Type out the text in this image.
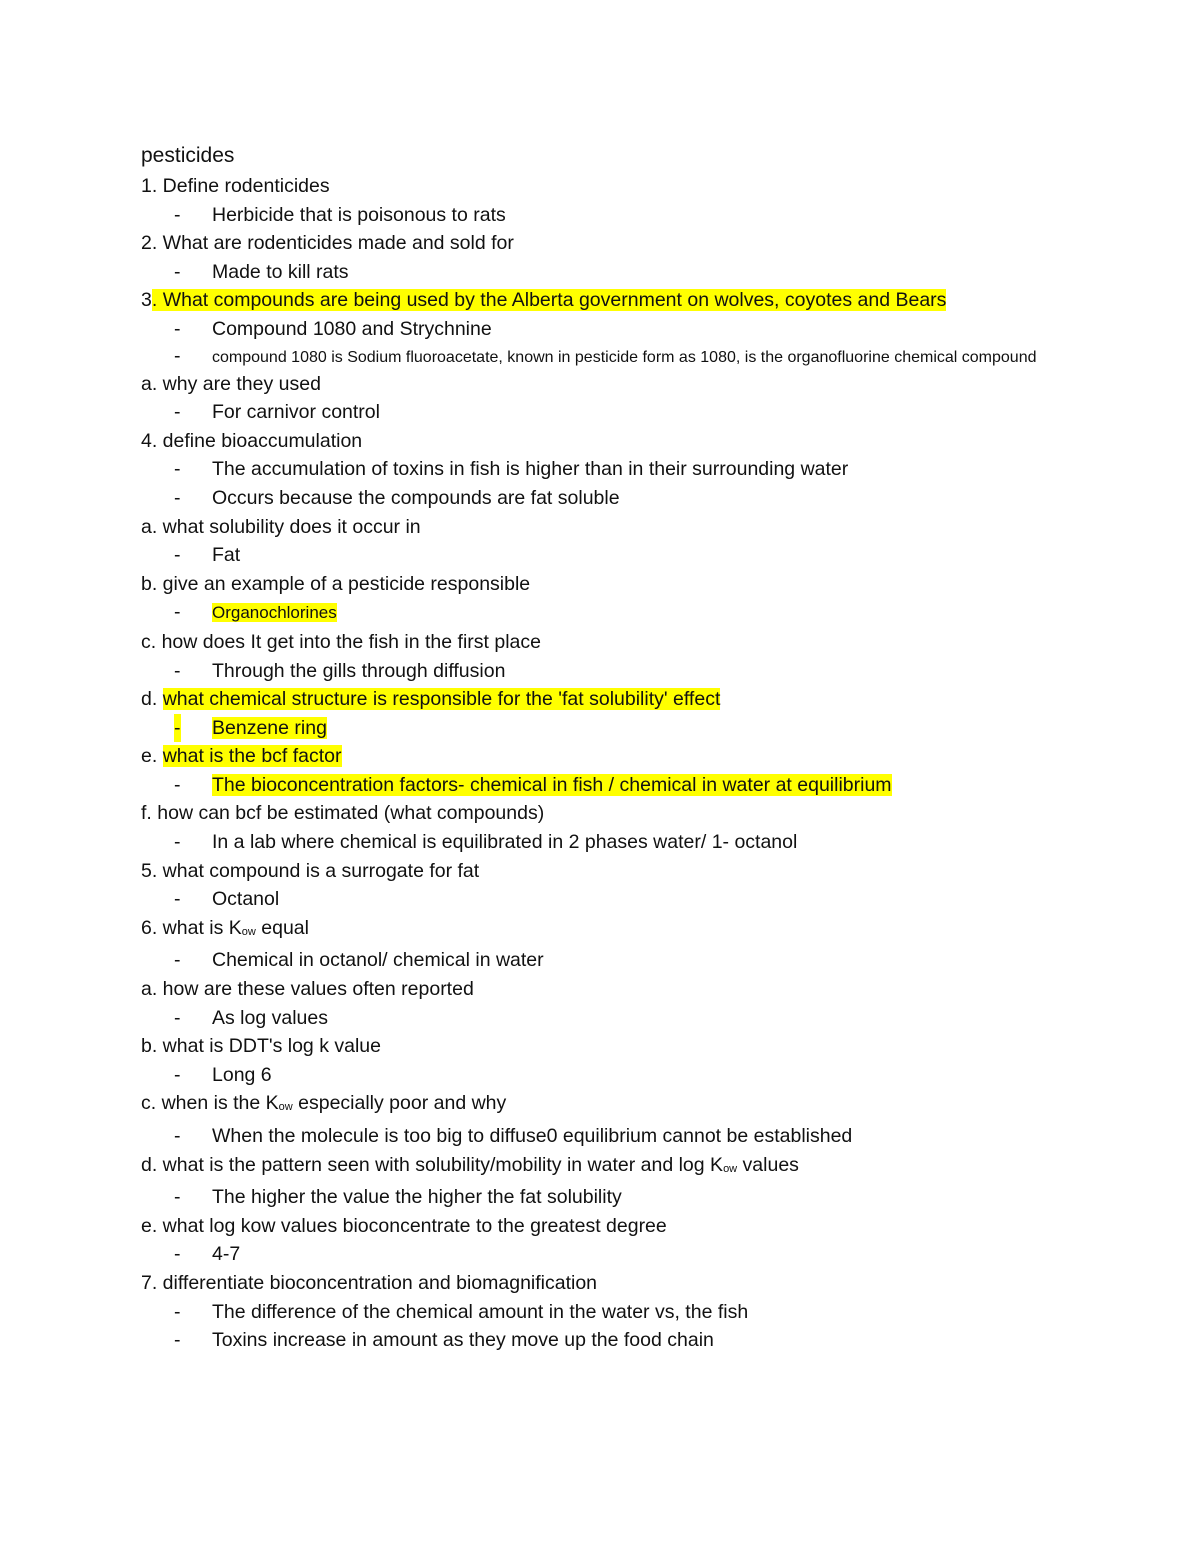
pesticides
1. Define rodenticides
- Herbicide that is poisonous to rats
2. What are rodenticides made and sold for
- Made to kill rats
3. What compounds are being used by the Alberta government on wolves, coyotes and Bears
- Compound 1080 and Strychnine
- compound 1080 is Sodium fluoroacetate, known in pesticide form as 1080, is the organofluorine chemical compound
a. why are they used
- For carnivor control
4. define bioaccumulation
- The accumulation of toxins in fish is higher than in their surrounding water
- Occurs because the compounds are fat soluble
a. what solubility does it occur in
- Fat
b. give an example of a pesticide responsible
- Organochlorines
c. how does It get into the fish in the first place
- Through the gills through diffusion
d. what chemical structure is responsible for the 'fat solubility' effect
- Benzene ring
e. what is the bcf factor
- The bioconcentration factors- chemical in fish / chemical in water at equilibrium
f. how can bcf be estimated (what compounds)
- In a lab where chemical is equilibrated in 2 phases water/ 1- octanol
5. what compound is a surrogate for fat
- Octanol
6. what is Kow equal
- Chemical in octanol/ chemical in water
a. how are these values often reported
- As log values
b. what is DDT's log k value
- Long 6
c. when is the Kow especially poor and why
- When the molecule is too big to diffuse0 equilibrium cannot be established
d. what is the pattern seen with solubility/mobility in water and log Kow values
- The higher the value the higher the fat solubility
e. what log kow values bioconcentrate to the greatest degree
- 4-7
7. differentiate bioconcentration and biomagnification
- The difference of the chemical amount in the water vs, the fish
- Toxins increase in amount as they move up the food chain
